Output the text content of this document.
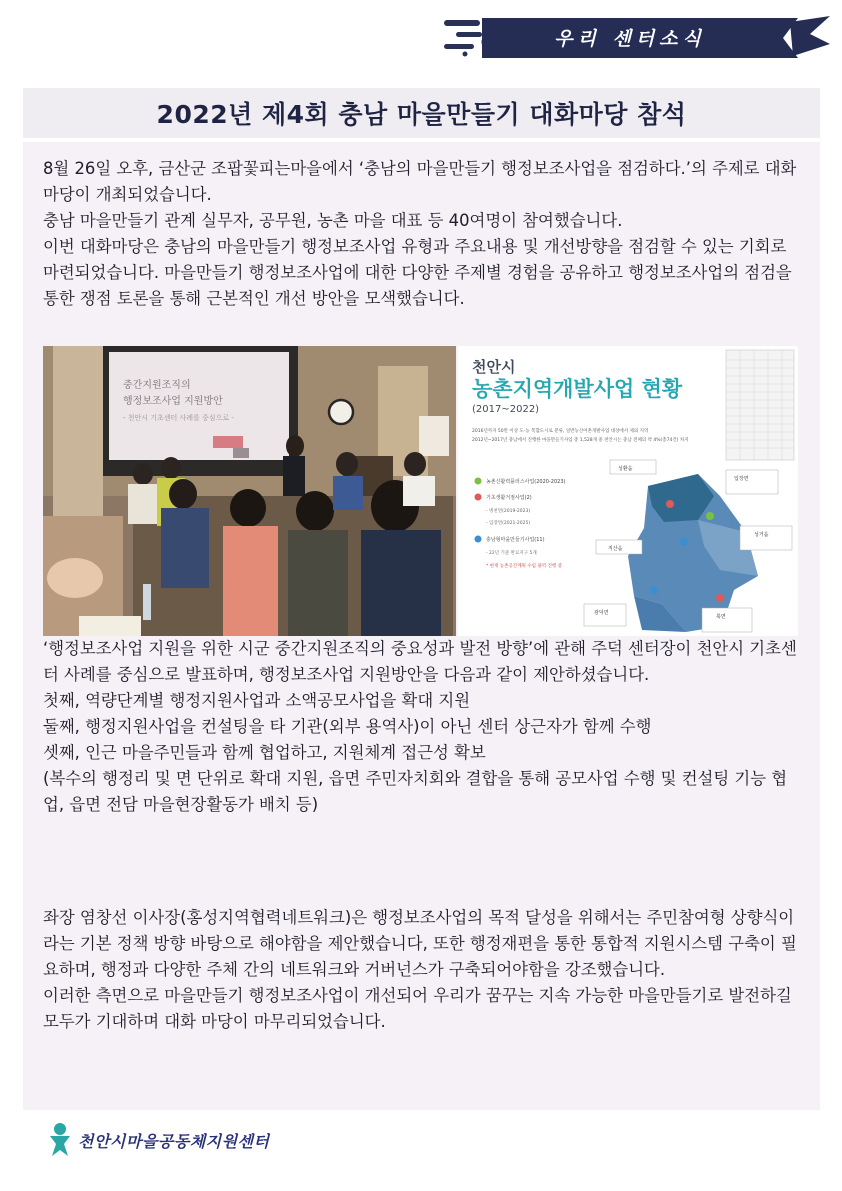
우리 센터소식
2022년 제4회 충남 마을만들기 대화마당 참석
8월 26일 오후, 금산군 조팝꽃피는마을에서 ‘충남의 마을만들기 행정보조사업을 점검하다.’의 주제로 대화마당이 개최되었습니다.
충남 마을만들기 관계 실무자, 공무원, 농촌 마을 대표 등 40여명이 참여했습니다.
이번 대화마당은 충남의 마을만들기 행정보조사업 유형과 주요내용 및 개선방향을 점검할 수 있는 기회로 마련되었습니다. 마을만들기 행정보조사업에 대한 다양한 주제별 경험을 공유하고 행정보조사업의 점검을 통한 쟁점 토론을 통해 근본적인 개선 방안을 모색했습니다.
중간지원조직의
행정보조사업 지원방안
- 천안시 기초센터 사례를 중심으로 -
천안시
농촌지역개발사업 현황
(2017~2022)
2016년까지 50만 이상 도·농 복합도시로 분류, 일반농산어촌개발사업 대상에서 제외 지역
2012년~2017년 충남에서 진행한 마을만들기사업 총 1,528개 중 천안시는 충남 전체의 약 4%(총74건) 차지
농촌신활력플러스사업(2020-2023)
기초생활거점사업(2)
- 병천면(2019-2023)
- 입장면(2021-2025)
충남형마을만들기사업(11)
- 22년 기준 완료지구 5개
* 현재 농촌공간계획 수립 용역 진행 중
성환읍
입장면
성거읍
직산읍
광덕면
북면
‘행정보조사업 지원을 위한 시군 중간지원조직의 중요성과 발전 방향’에 관해 주덕 센터장이 천안시 기초센터 사례를 중심으로 발표하며, 행정보조사업 지원방안을 다음과 같이 제안하셨습니다.
첫째, 역량단계별 행정지원사업과 소액공모사업을 확대 지원
둘째, 행정지원사업을 컨설팅을 타 기관(외부 용역사)이 아닌 센터 상근자가 함께 수행
셋째, 인근 마을주민들과 함께 협업하고, 지원체계 접근성 확보
(복수의 행정리 및 면 단위로 확대 지원, 읍면 주민자치회와 결합을 통해 공모사업 수행 및 컨설팅 기능 협업, 읍면 전담 마을현장활동가 배치 등)
좌장 염창선 이사장(홍성지역협력네트워크)은 행정보조사업의 목적 달성을 위해서는 주민참여형 상향식이라는 기본 정책 방향 바탕으로 해야함을 제안했습니다, 또한 행정재편을 통한 통합적 지원시스템 구축이 필요하며, 행정과 다양한 주체 간의 네트워크와 거버넌스가 구축되어야함을 강조했습니다.
이러한 측면으로 마을만들기 행정보조사업이 개선되어 우리가 꿈꾸는 지속 가능한 마을만들기로 발전하길 모두가 기대하며 대화 마당이 마무리되었습니다.
천안시마을공동체지원센터
